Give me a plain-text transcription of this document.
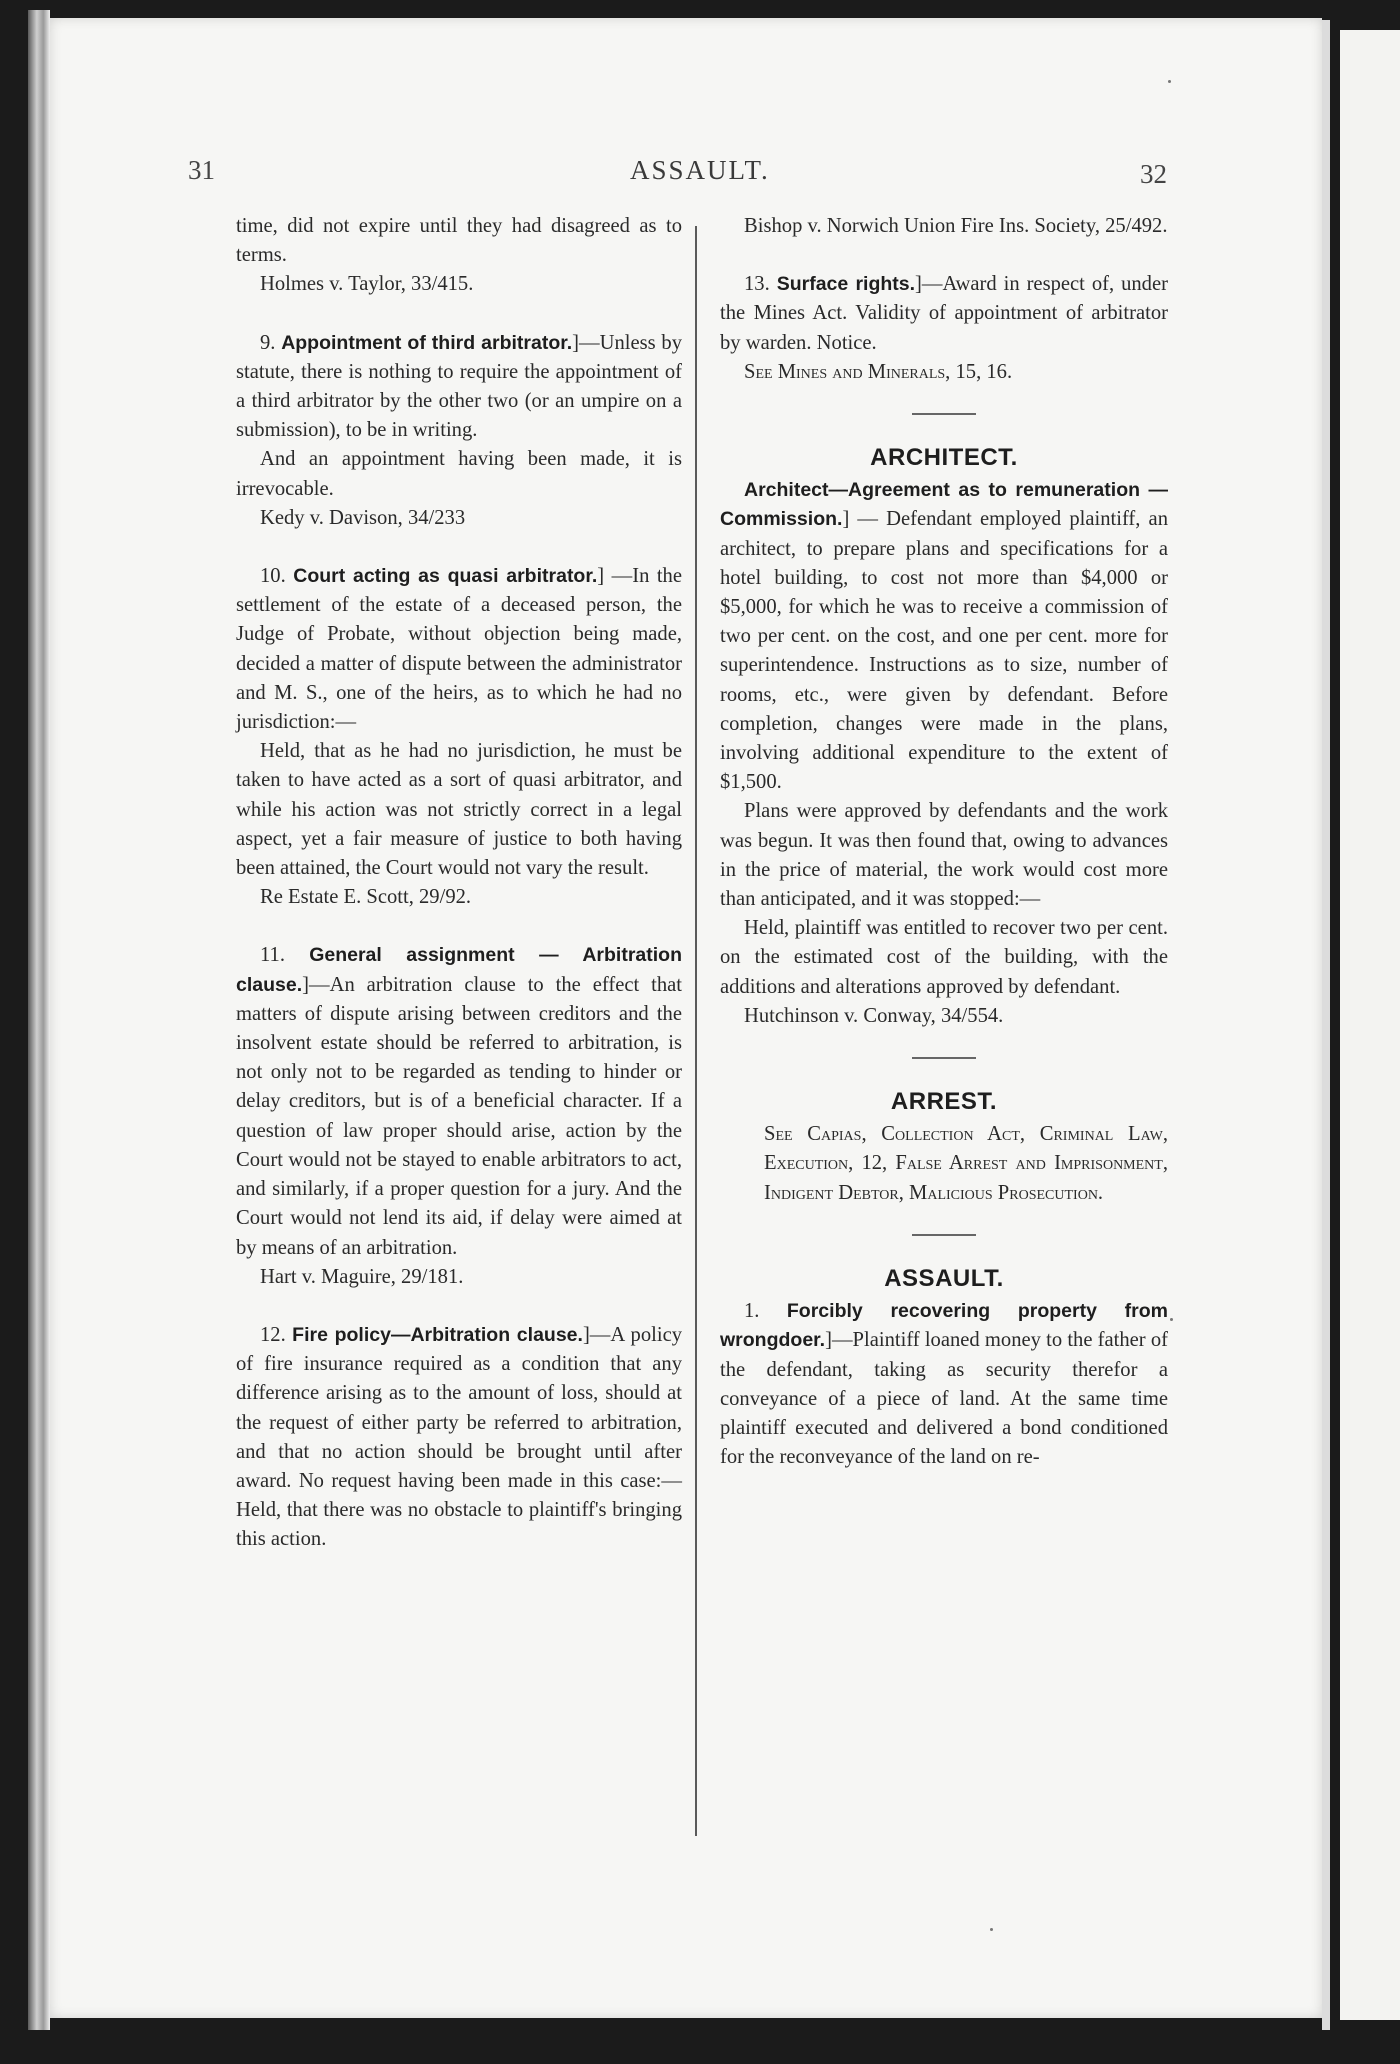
31	ASSAULT.	32

time, did not expire until they had disagreed as to terms.

Holmes v. Taylor, 33/415.

9. Appointment of third arbitrator.]—Unless by statute, there is nothing to require the appointment of a third arbitrator by the other two (or an umpire on a submission), to be in writing.

And an appointment having been made, it is irrevocable.

Kedy v. Davison, 34/233

10. Court acting as quasi arbitrator.] —In the settlement of the estate of a deceased person, the Judge of Probate, without objection being made, decided a matter of dispute between the administrator and M. S., one of the heirs, as to which he had no jurisdiction:—

Held, that as he had no jurisdiction, he must be taken to have acted as a sort of quasi arbitrator, and while his action was not strictly correct in a legal aspect, yet a fair measure of justice to both having been attained, the Court would not vary the result.

Re Estate E. Scott, 29/92.

11. General assignment — Arbitration clause.]—An arbitration clause to the effect that matters of dispute arising between creditors and the insolvent estate should be referred to arbitration, is not only not to be regarded as tending to hinder or delay creditors, but is of a beneficial character. If a question of law proper should arise, action by the Court would not be stayed to enable arbitrators to act, and similarly, if a proper question for a jury. And the Court would not lend its aid, if delay were aimed at by means of an arbitration.

Hart v. Maguire, 29/181.

12. Fire policy—Arbitration clause.]—A policy of fire insurance required as a condition that any difference arising as to the amount of loss, should at the request of either party be referred to arbitration, and that no action should be brought until after award. No request having been made in this case:—Held, that there was no obstacle to plaintiff's bringing this action.

Bishop v. Norwich Union Fire Ins. Society, 25/492.

13. Surface rights.]—Award in respect of, under the Mines Act. Validity of appointment of arbitrator by warden. Notice.

See Mines and Minerals, 15, 16.

ARCHITECT.

Architect—Agreement as to remuneration — Commission.] — Defendant employed plaintiff, an architect, to prepare plans and specifications for a hotel building, to cost not more than $4,000 or $5,000, for which he was to receive a commission of two per cent. on the cost, and one per cent. more for superintendence. Instructions as to size, number of rooms, etc., were given by defendant. Before completion, changes were made in the plans, involving additional expenditure to the extent of $1,500.

Plans were approved by defendants and the work was begun. It was then found that, owing to advances in the price of material, the work would cost more than anticipated, and it was stopped:—

Held, plaintiff was entitled to recover two per cent. on the estimated cost of the building, with the additions and alterations approved by defendant.

Hutchinson v. Conway, 34/554.

ARREST.

See Capias, Collection Act, Criminal Law, Execution, 12, False Arrest and Imprisonment, Indigent Debtor, Malicious Prosecution.

ASSAULT.

1. Forcibly recovering property from wrongdoer.]—Plaintiff loaned money to the father of the defendant, taking as security therefor a conveyance of a piece of land. At the same time plaintiff executed and delivered a bond conditioned for the reconveyance of the land on re-
